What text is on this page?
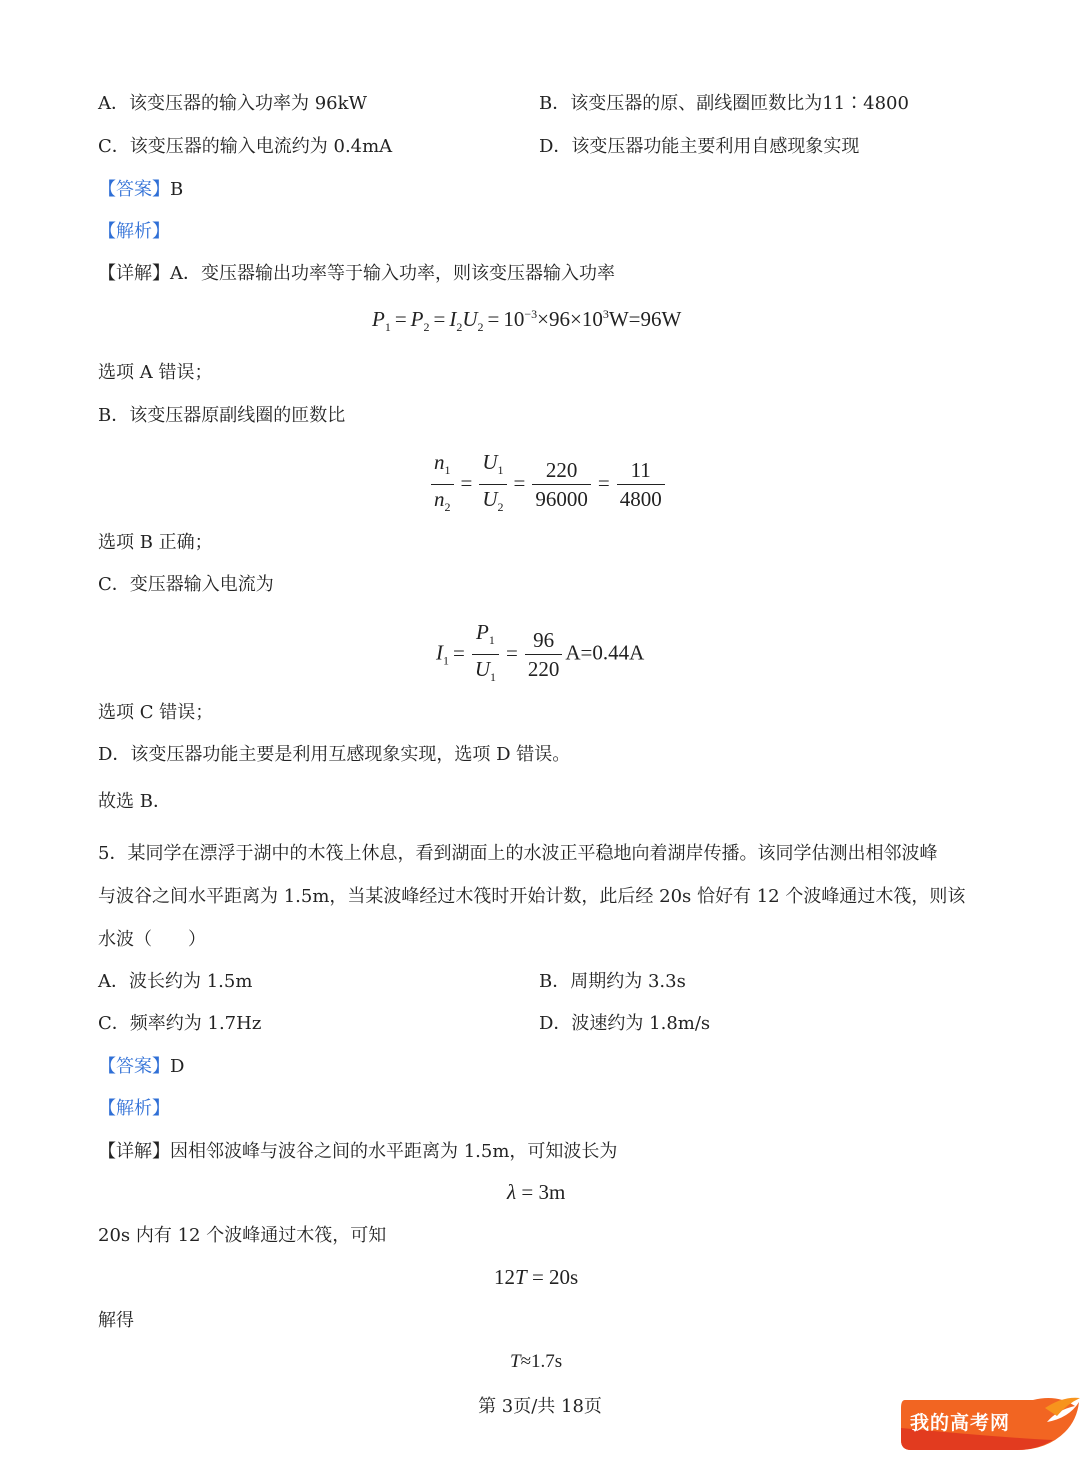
A．该变压器的输入功率为 96kW	B．该变压器的原、副线圈匝数比为11∶4800
C．该变压器的输入电流约为 0.4mA	D．该变压器功能主要利用自感现象实现
【答案】B
【解析】
【详解】A．变压器输出功率等于输入功率，则该变压器输入功率
$P_1 = P_2 = I_2U_2 = 10^{-3}\times 96\times 10^3W=96W$
选项 A 错误；
B．该变压器原副线圈的匝数比
$\frac{n_1}{n_2} = \frac{U_1}{U_2} = \frac{220}{96000} = \frac{11}{4800}$
选项 B 正确；
C．变压器输入电流为
$I_1 = \frac{P_1}{U_1} = \frac{96}{220} A=0.44A$
选项 C 错误；
D．该变压器功能主要是利用互感现象实现，选项 D 错误。
故选 B．
5．某同学在漂浮于湖中的木筏上休息，看到湖面上的水波正平稳地向着湖岸传播。该同学估测出相邻波峰
与波谷之间水平距离为 1.5m，当某波峰经过木筏时开始计数，此后经 20s 恰好有 12 个波峰通过木筏，则该
水波（　　）
A．波长约为 1.5m	B．周期约为 3.3s
C．频率约为 1.7Hz	D．波速约为 1.8m/s
【答案】D
【解析】
【详解】因相邻波峰与波谷之间的水平距离为 1.5m，可知波长为
λ = 3m
20s 内有 12 个波峰通过木筏，可知
12T = 20s
解得
T≈1.7s
第 3页/共 18页
我的高考网
